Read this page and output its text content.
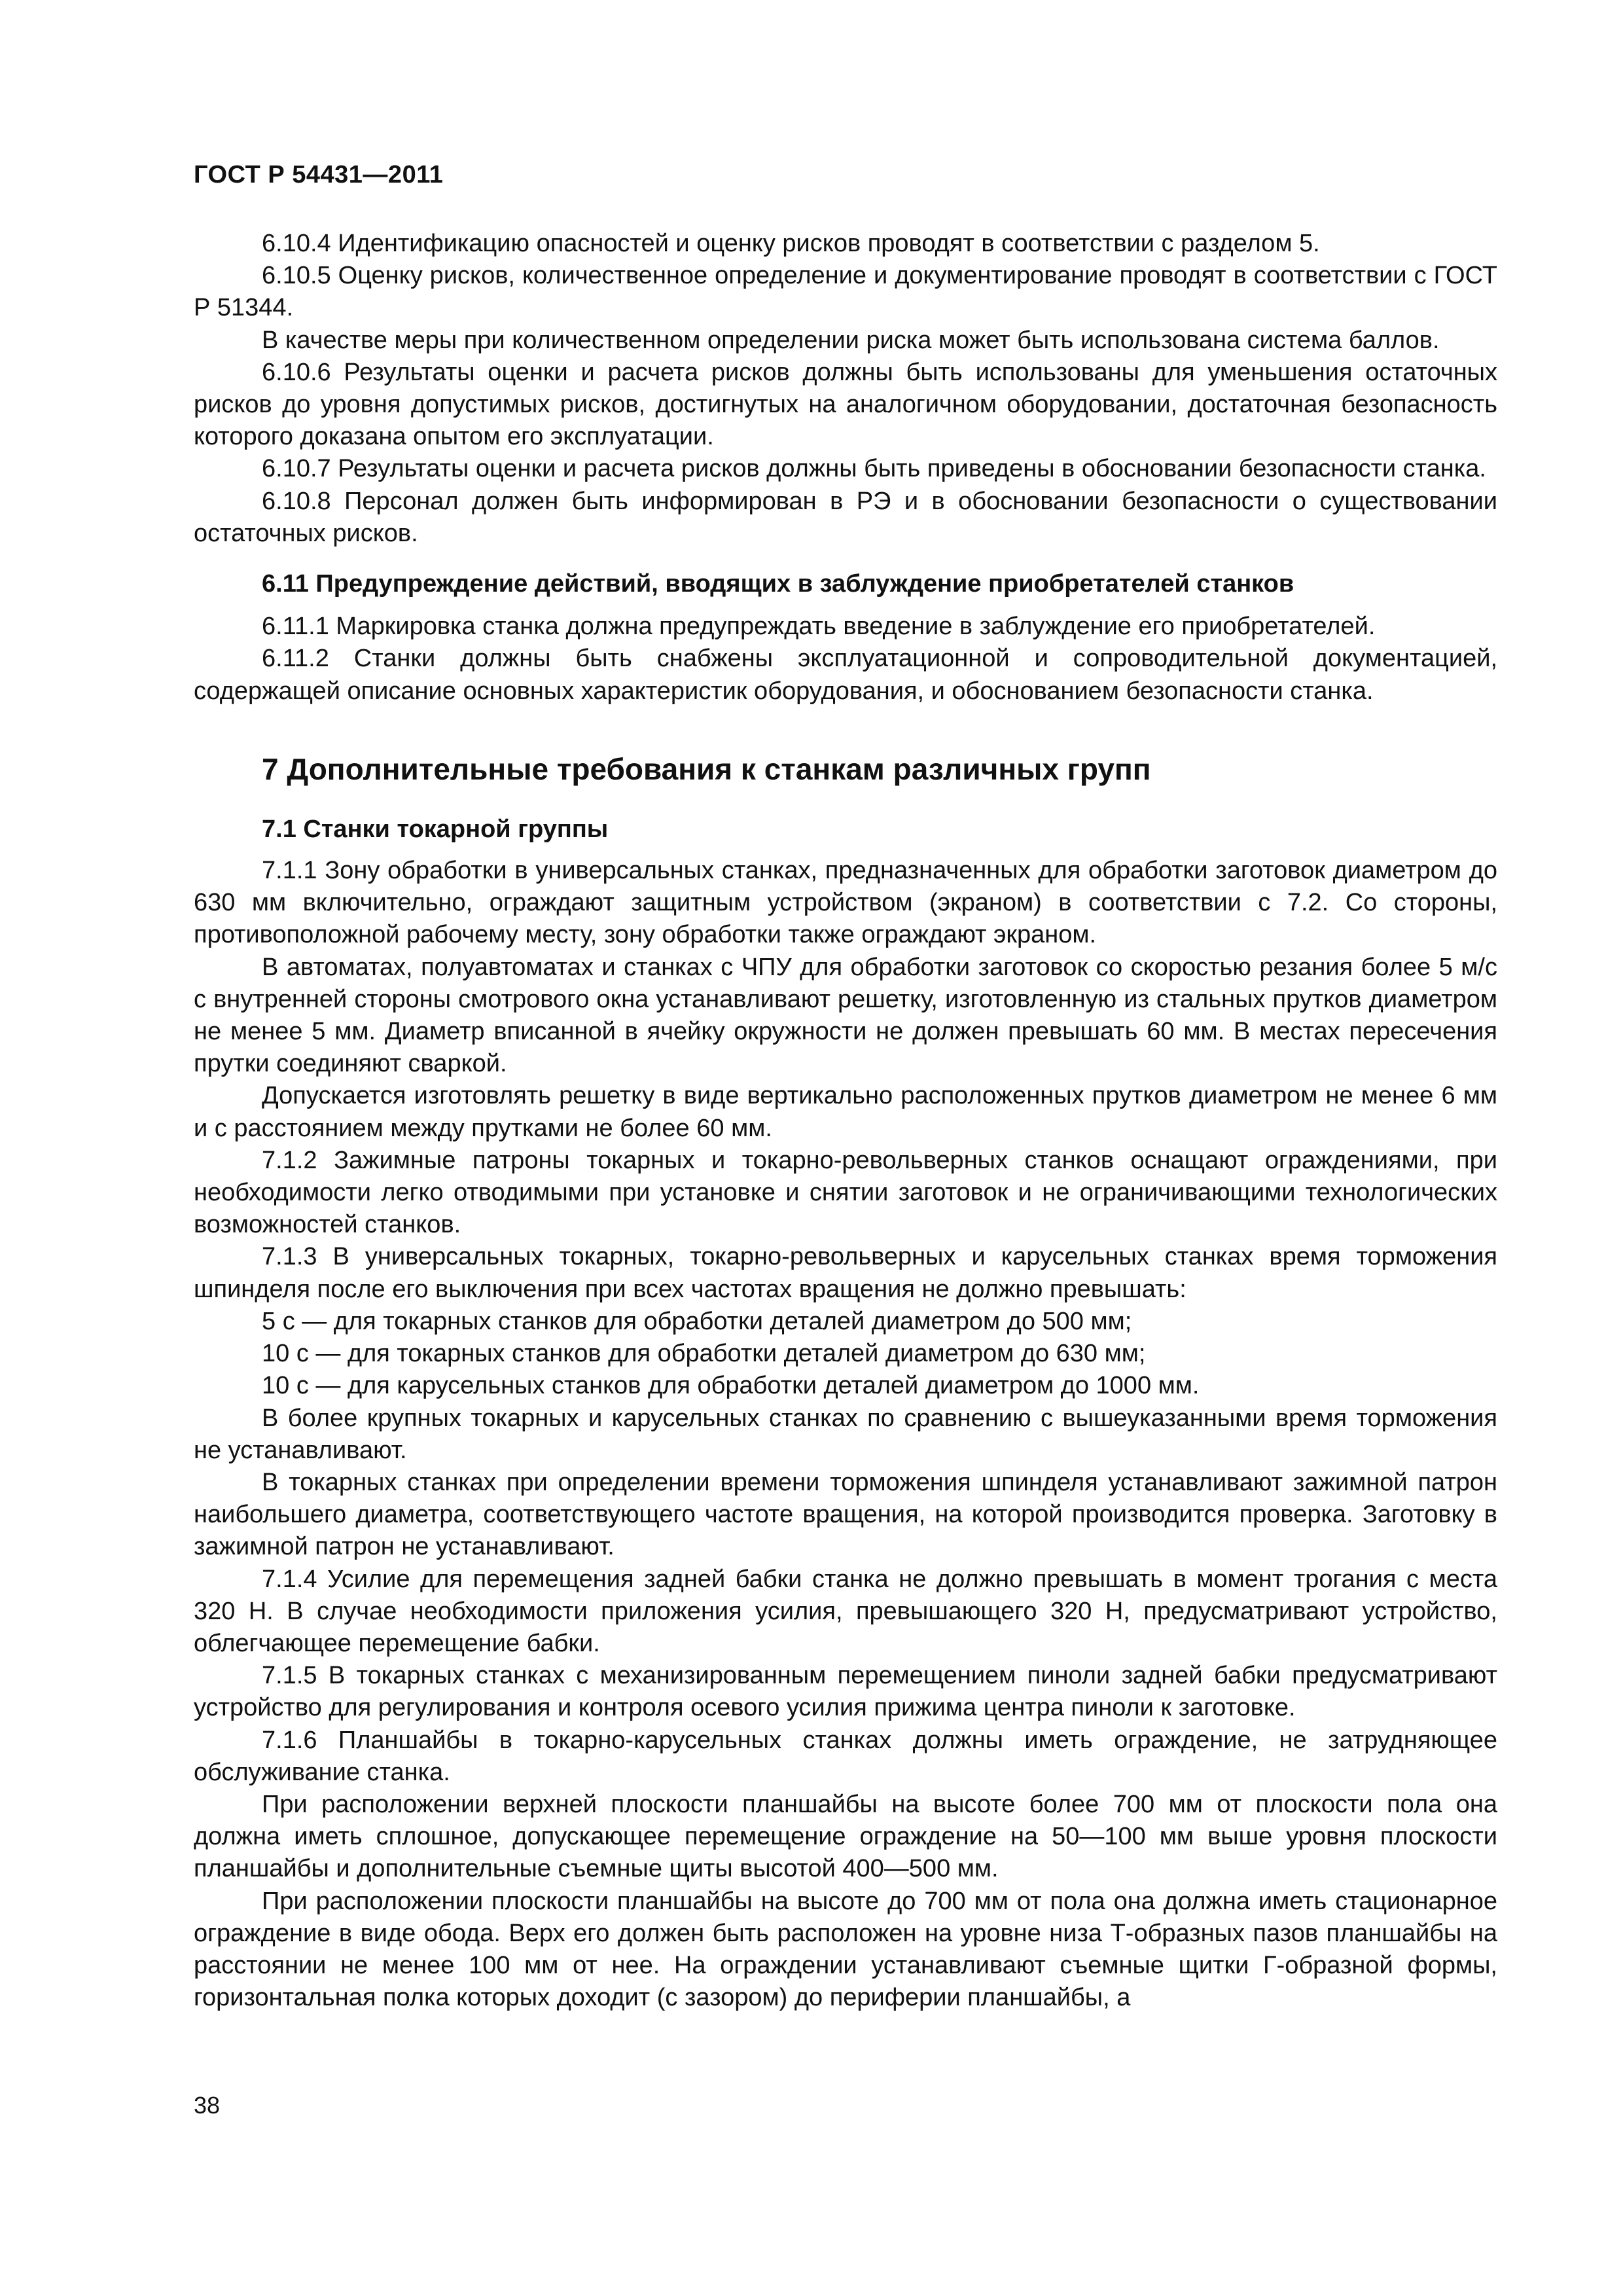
ГОСТ Р 54431—2011

6.10.4 Идентификацию опасностей и оценку рисков проводят в соответствии с разделом 5.

6.10.5 Оценку рисков, количественное определение и документирование проводят в соответствии с ГОСТ Р 51344.

В качестве меры при количественном определении риска может быть использована система баллов.

6.10.6 Результаты оценки и расчета рисков должны быть использованы для уменьшения остаточных рисков до уровня допустимых рисков, достигнутых на аналогичном оборудовании, достаточная безопасность которого доказана опытом его эксплуатации.

6.10.7 Результаты оценки и расчета рисков должны быть приведены в обосновании безопасности станка.

6.10.8 Персонал должен быть информирован в РЭ и в обосновании безопасности о существовании остаточных рисков.

6.11 Предупреждение действий, вводящих в заблуждение приобретателей станков

6.11.1 Маркировка станка должна предупреждать введение в заблуждение его приобретателей.

6.11.2 Станки должны быть снабжены эксплуатационной и сопроводительной документацией, содержащей описание основных характеристик оборудования, и обоснованием безопасности станка.

7 Дополнительные требования к станкам различных групп
7.1 Станки токарной группы

7.1.1 Зону обработки в универсальных станках, предназначенных для обработки заготовок диаметром до 630 мм включительно, ограждают защитным устройством (экраном) в соответствии с 7.2. Со стороны, противоположной рабочему месту, зону обработки также ограждают экраном.

В автоматах, полуавтоматах и станках с ЧПУ для обработки заготовок со скоростью резания более 5 м/с с внутренней стороны смотрового окна устанавливают решетку, изготовленную из стальных прутков диаметром не менее 5 мм. Диаметр вписанной в ячейку окружности не должен превышать 60 мм. В местах пересечения прутки соединяют сваркой.

Допускается изготовлять решетку в виде вертикально расположенных прутков диаметром не менее 6 мм и с расстоянием между прутками не более 60 мм.

7.1.2 Зажимные патроны токарных и токарно-револьверных станков оснащают ограждениями, при необходимости легко отводимыми при установке и снятии заготовок и не ограничивающими технологических возможностей станков.

7.1.3 В универсальных токарных, токарно-револьверных и карусельных станках время торможения шпинделя после его выключения при всех частотах вращения не должно превышать:

5 с — для токарных станков для обработки деталей диаметром до 500 мм;

10 с — для токарных станков для обработки деталей диаметром до 630 мм;

10 с — для карусельных станков для обработки деталей диаметром до 1000 мм.

В более крупных токарных и карусельных станках по сравнению с вышеуказанными время торможения не устанавливают.

В токарных станках при определении времени торможения шпинделя устанавливают зажимной патрон наибольшего диаметра, соответствующего частоте вращения, на которой производится проверка. Заготовку в зажимной патрон не устанавливают.

7.1.4 Усилие для перемещения задней бабки станка не должно превышать в момент трогания с места 320 Н. В случае необходимости приложения усилия, превышающего 320 Н, предусматривают устройство, облегчающее перемещение бабки.

7.1.5 В токарных станках с механизированным перемещением пиноли задней бабки предусматривают устройство для регулирования и контроля осевого усилия прижима центра пиноли к заготовке.

7.1.6 Планшайбы в токарно-карусельных станках должны иметь ограждение, не затрудняющее обслуживание станка.

При расположении верхней плоскости планшайбы на высоте более 700 мм от плоскости пола она должна иметь сплошное, допускающее перемещение ограждение на 50—100 мм выше уровня плоскости планшайбы и дополнительные съемные щиты высотой 400—500 мм.

При расположении плоскости планшайбы на высоте до 700 мм от пола она должна иметь стационарное ограждение в виде обода. Верх его должен быть расположен на уровне низа Т-образных пазов планшайбы на расстоянии не менее 100 мм от нее. На ограждении устанавливают съемные щитки Г-образной формы, горизонтальная полка которых доходит (с зазором) до периферии планшайбы, а

38
